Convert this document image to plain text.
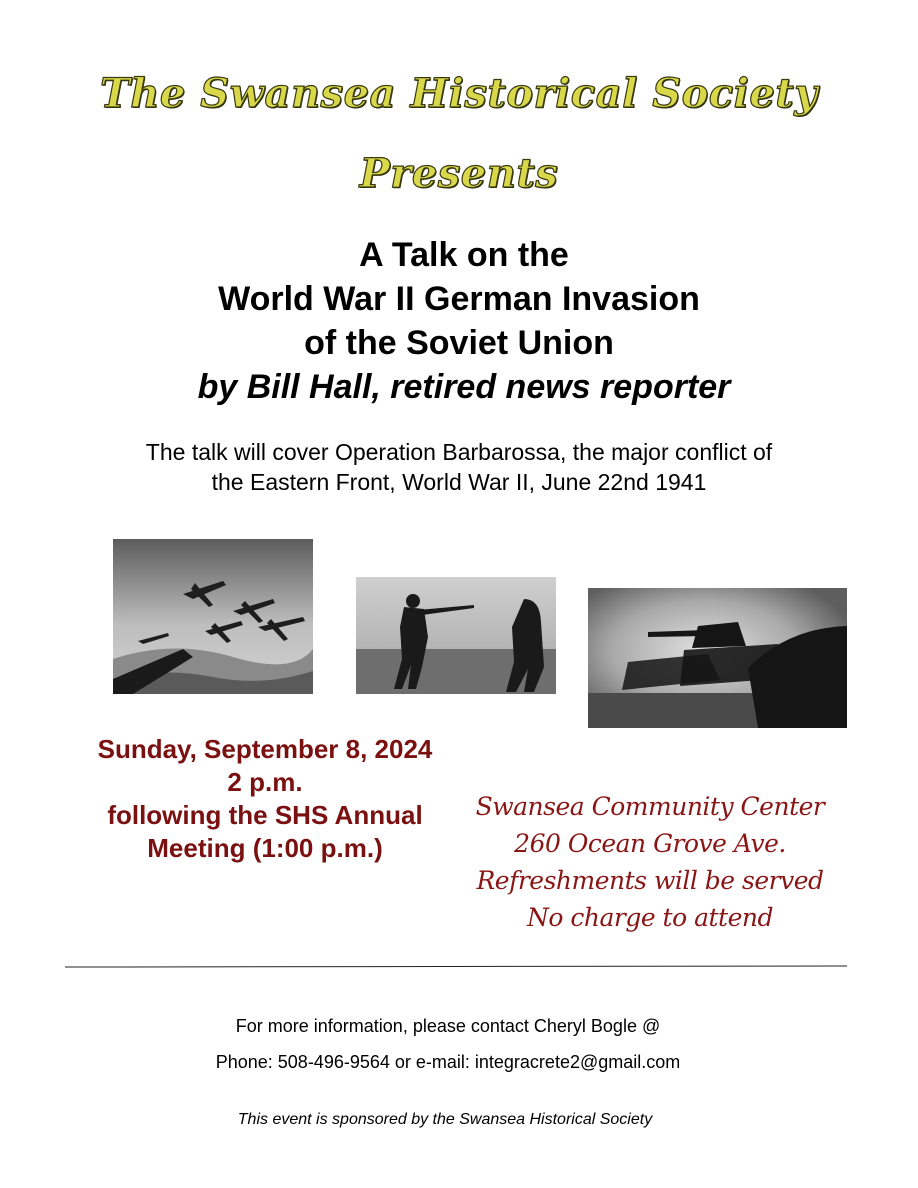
The Swansea Historical Society
Presents
A Talk on the
World War II German Invasion
of the Soviet Union
by Bill Hall, retired news reporter
The talk will cover Operation Barbarossa, the major conflict of
the Eastern Front, World War II, June 22nd 1941
Sunday, September 8, 2024
2 p.m.
following the SHS Annual
Meeting (1:00 p.m.)
Swansea Community Center
260 Ocean Grove Ave.
Refreshments will be served
No charge to attend
For more information, please contact Cheryl Bogle @
Phone: 508-496-9564 or e-mail: integracrete2@gmail.com
This event is sponsored by the Swansea Historical Society
